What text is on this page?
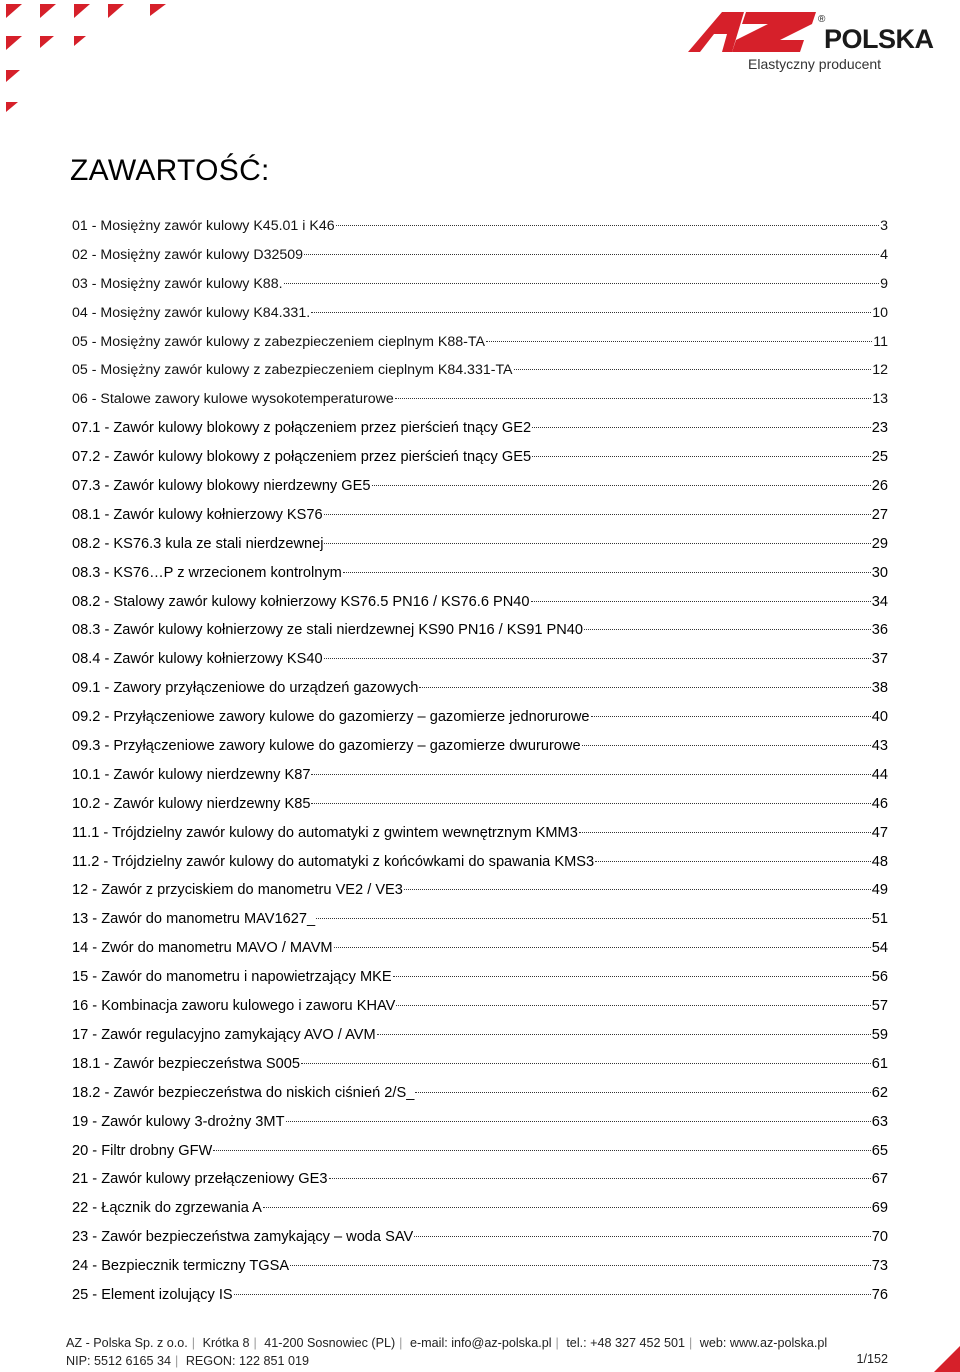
®
POLSKA
Elastyczny producent
ZAWARTOŚĆ:
01 - Mosiężny zawór kulowy K45.01 i K46	3
02 - Mosiężny zawór kulowy D32509	4
03 - Mosiężny zawór kulowy K88.	9
04 - Mosiężny zawór kulowy K84.331.	10
05 - Mosiężny zawór kulowy z zabezpieczeniem cieplnym K88-TA	11
05 - Mosiężny zawór kulowy z zabezpieczeniem cieplnym K84.331-TA	12
06 - Stalowe zawory kulowe wysokotemperaturowe	13
07.1 - Zawór kulowy blokowy z połączeniem przez pierścień tnący GE2	23
07.2 - Zawór kulowy blokowy z połączeniem przez pierścień tnący GE5	25
07.3 - Zawór kulowy blokowy nierdzewny GE5	26
08.1 - Zawór kulowy kołnierzowy KS76	27
08.2 - KS76.3 kula ze stali nierdzewnej	29
08.3 - KS76…P z wrzecionem kontrolnym	30
08.2 - Stalowy zawór kulowy kołnierzowy KS76.5 PN16 / KS76.6 PN40	34
08.3 - Zawór kulowy kołnierzowy ze stali nierdzewnej KS90 PN16 / KS91 PN40	36
08.4 - Zawór kulowy kołnierzowy KS40	37
09.1 - Zawory przyłączeniowe do urządzeń gazowych	38
09.2 - Przyłączeniowe zawory kulowe do gazomierzy – gazomierze jednorurowe	40
09.3 - Przyłączeniowe zawory kulowe do gazomierzy – gazomierze dwururowe	43
10.1 - Zawór kulowy nierdzewny K87	44
10.2 - Zawór kulowy nierdzewny K85	46
11.1 - Trójdzielny zawór kulowy do automatyki z gwintem wewnętrznym KMM3	47
11.2 - Trójdzielny zawór kulowy do automatyki z końcówkami do spawania KMS3	48
12 - Zawór z przyciskiem do manometru VE2 / VE3	49
13 - Zawór do manometru MAV1627_	51
14 - Zwór do manometru MAVO / MAVM	54
15 - Zawór do manometru i napowietrzający MKE	56
16 - Kombinacja zaworu kulowego i zaworu KHAV	57
17 - Zawór regulacyjno zamykający AVO / AVM	59
18.1 - Zawór bezpieczeństwa S005	61
18.2 - Zawór bezpieczeństwa do niskich ciśnień 2/S_	62
19 - Zawór kulowy 3-drożny 3MT	63
20 - Filtr drobny GFW	65
21 - Zawór kulowy przełączeniowy GE3	67
22 - Łącznik do zgrzewania A	69
23 - Zawór bezpieczeństwa zamykający – woda SAV	70
24 - Bezpiecznik termiczny TGSA	73
25 - Element izolujący IS	76
AZ - Polska Sp. z o.o. | Krótka 8 | 41-200 Sosnowiec (PL) | e-mail: info@az-polska.pl | tel.: +48 327 452 501 | web: www.az-polska.pl
NIP: 5512 6165 34 | REGON: 122 851 019	1/152
